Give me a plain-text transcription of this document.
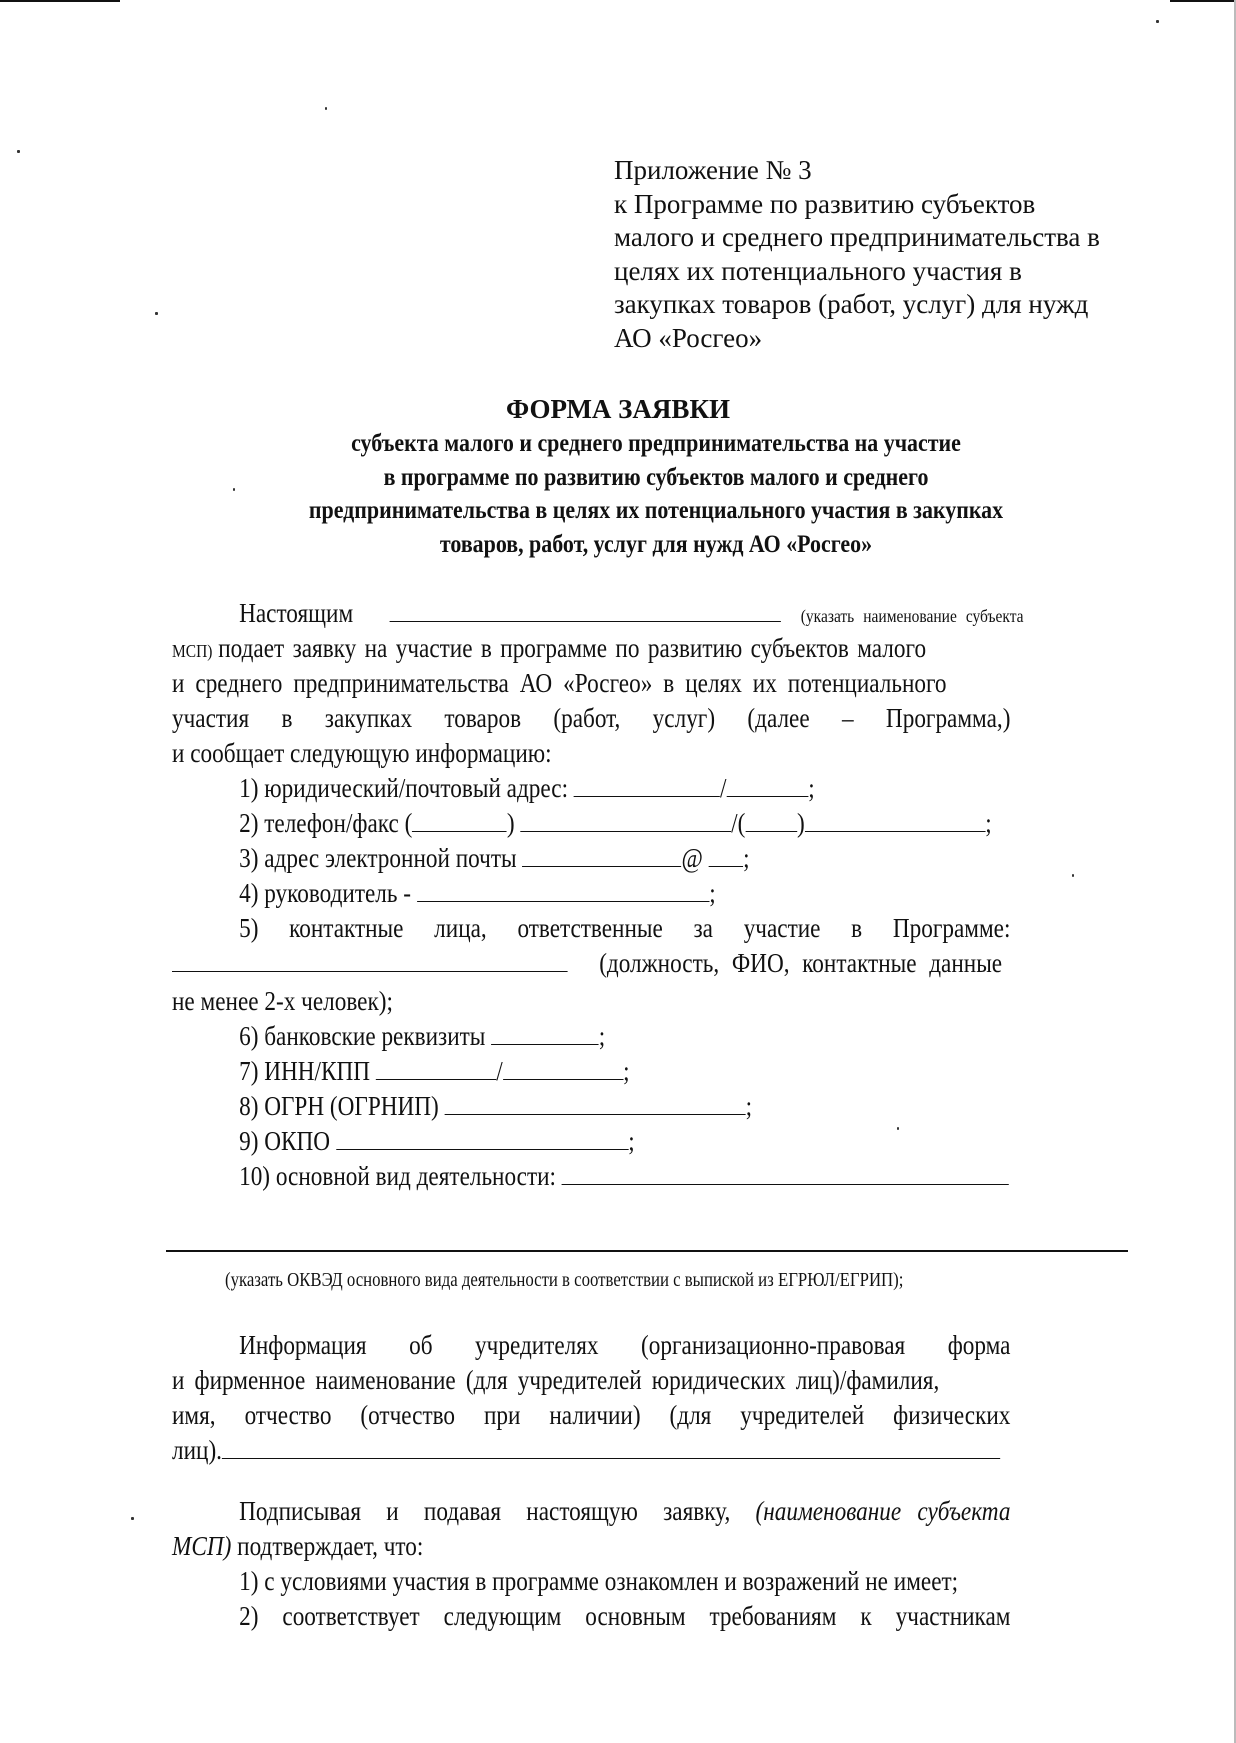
Приложение № 3
к Программе по развитию субъектов
малого и среднего предпринимательства в
целях их потенциального участия в
закупках товаров (работ, услуг) для нужд
АО «Росгео»
ФОРМА ЗАЯВКИ
субъекта малого и среднего предпринимательства на участие
в программе по развитию субъектов малого и среднего
предпринимательства в целях их потенциального участия в закупках
товаров, работ, услуг для нужд АО «Росгео»
Настоящим	(указать наименование субъекта
МСП) подает заявку на участие в программе по развитию субъектов малого
и среднего предпринимательства АО «Росгео» в целях их потенциального
участия в закупках товаров (работ, услуг) (далее – Программа,)
и сообщает следующую информацию:
1) юридический/почтовый адрес:	/	;
2) телефон/факс (	)	/( )	;
3) адрес электронной почты	@ ;
4) руководитель -	;
5) контактные лица, ответственные за участие в Программе:
(должность, ФИО, контактные данные
не менее 2-х человек);
6) банковские реквизиты	;
7) ИНН/КПП	/	;
8) ОГРН (ОГРНИП)	;
9) ОКПО	;
10) основной вид деятельности:
(указать ОКВЭД основного вида деятельности в соответствии с выпиской из ЕГРЮЛ/ЕГРИП);
Информация об учредителях (организационно-правовая форма
и фирменное наименование (для учредителей юридических лиц)/фамилия,
имя, отчество (отчество при наличии) (для учредителей физических
лиц).
Подписывая и подавая настоящую заявку, (наименование субъекта
МСП) подтверждает, что:
1) с условиями участия в программе ознакомлен и возражений не имеет;
2) соответствует следующим основным требованиям к участникам
